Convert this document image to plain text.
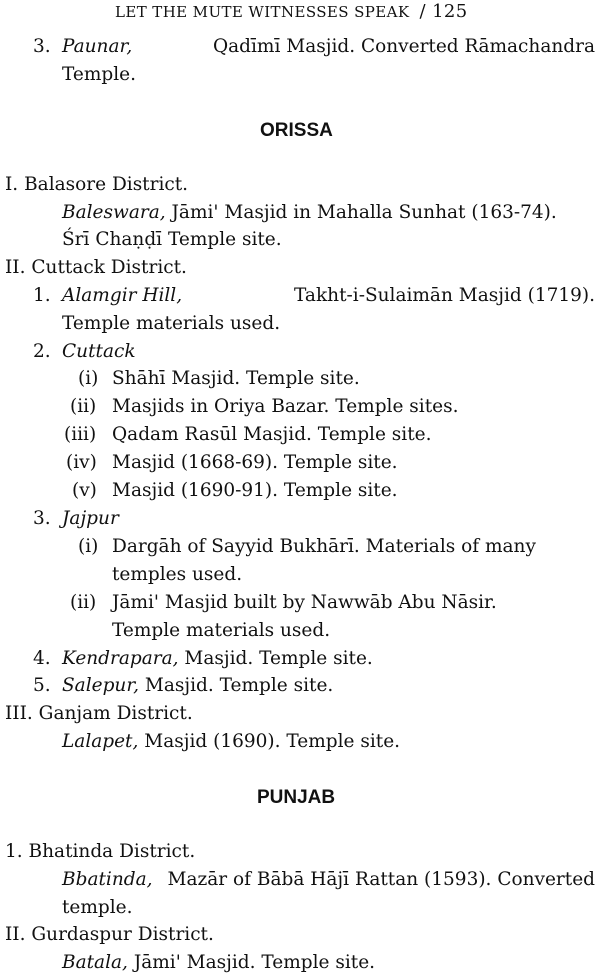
LET THE MUTE WITNESSES SPEAK / 125
3. Paunar,	Qadīmī Masjid. Converted Rāmachandra
Temple.
ORISSA
I. Balasore District.
Baleswara, Jāmi' Masjid in Mahalla Sunhat (163-74).
Śrī Chaṇḍī Temple site.
II. Cuttack District.
1. Alamgir Hill,	Takht-i-Sulaimān Masjid (1719).
Temple materials used.
2. Cuttack
(i) Shāhī Masjid. Temple site.
(ii) Masjids in Oriya Bazar. Temple sites.
(iii) Qadam Rasūl Masjid. Temple site.
(iv) Masjid (1668-69). Temple site.
(v) Masjid (1690-91). Temple site.
3. Jajpur
(i) Dargāh of Sayyid Bukhārī. Materials of many
temples used.
(ii) Jāmi' Masjid built by Nawwāb Abu Nāsir.
Temple materials used.
4. Kendrapara, Masjid. Temple site.
5. Salepur, Masjid. Temple site.
III. Ganjam District.
Lalapet, Masjid (1690). Temple site.
PUNJAB
1. Bhatinda District.
Bbatinda, Mazār of Bābā Hājī Rattan (1593). Converted
temple.
II. Gurdaspur District.
Batala, Jāmi' Masjid. Temple site.
